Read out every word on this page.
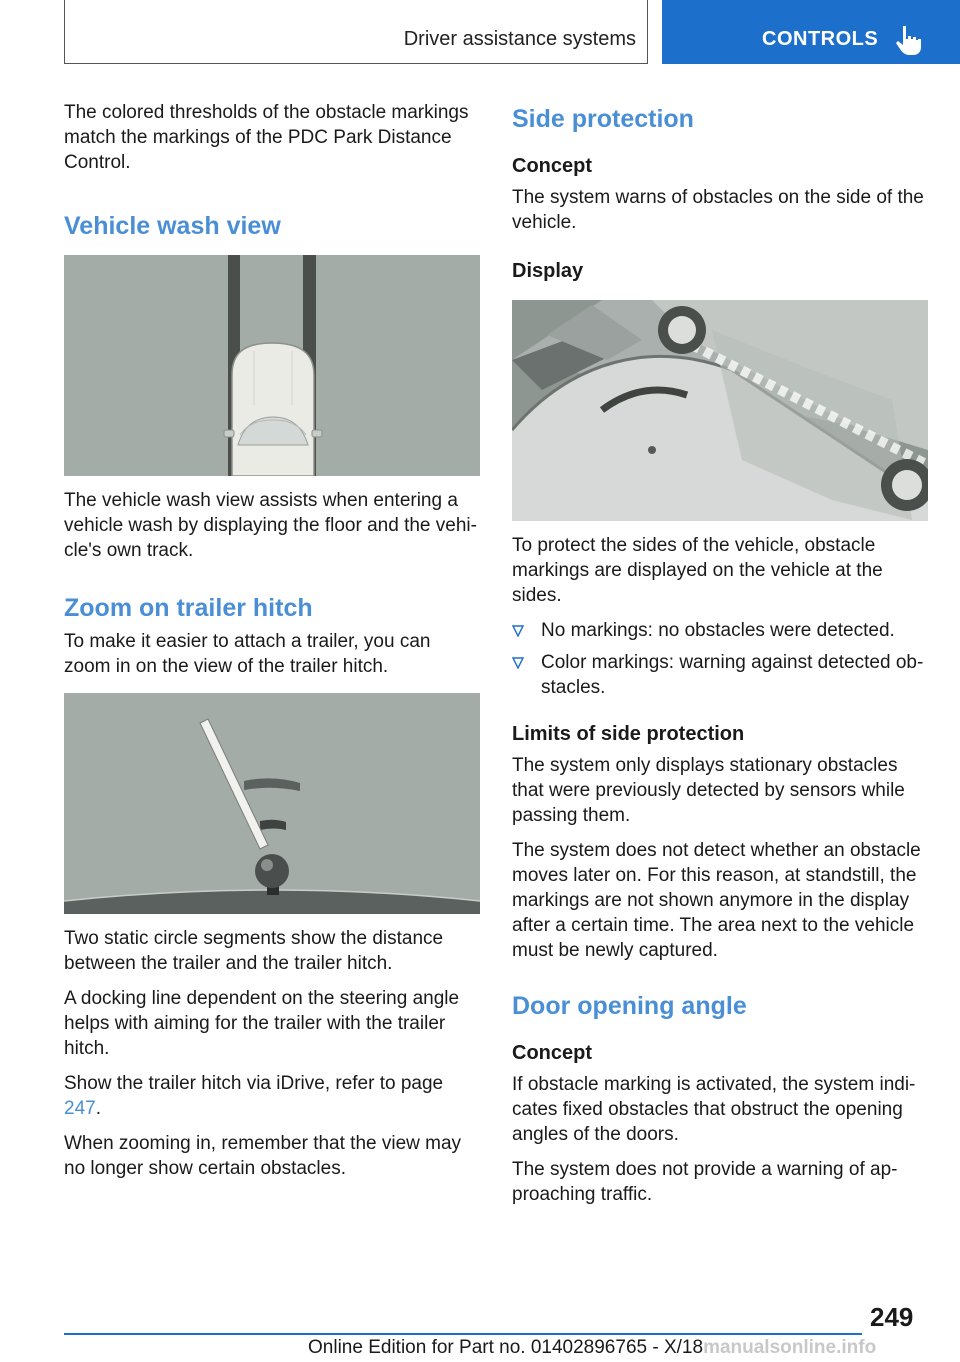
Driver assistance systems	CONTROLS

The colored thresholds of the obstacle markings match the markings of the PDC Park Distance Control.

Vehicle wash view

The vehicle wash view assists when entering a vehicle wash by displaying the floor and the vehi‐cle's own track.

Zoom on trailer hitch

To make it easier to attach a trailer, you can zoom in on the view of the trailer hitch.

Two static circle segments show the distance between the trailer and the trailer hitch.

A docking line dependent on the steering angle helps with aiming for the trailer with the trailer hitch.

Show the trailer hitch via iDrive, refer to page 247.

When zooming in, remember that the view may no longer show certain obstacles.

Side protection
Concept

The system warns of obstacles on the side of the vehicle.

Display

To protect the sides of the vehicle, obstacle markings are displayed on the vehicle at the sides.

No markings: no obstacles were detected.
Color markings: warning against detected ob‐stacles.
Limits of side protection

The system only displays stationary obstacles that were previously detected by sensors while passing them.

The system does not detect whether an obstacle moves later on. For this reason, at standstill, the markings are not shown anymore in the display after a certain time. The area next to the vehicle must be newly captured.

Door opening angle
Concept

If obstacle marking is activated, the system indi‐cates fixed obstacles that obstruct the opening angles of the doors.

The system does not provide a warning of ap‐proaching traffic.

249
Online Edition for Part no. 01402896765 - X/18manualsonline.info
